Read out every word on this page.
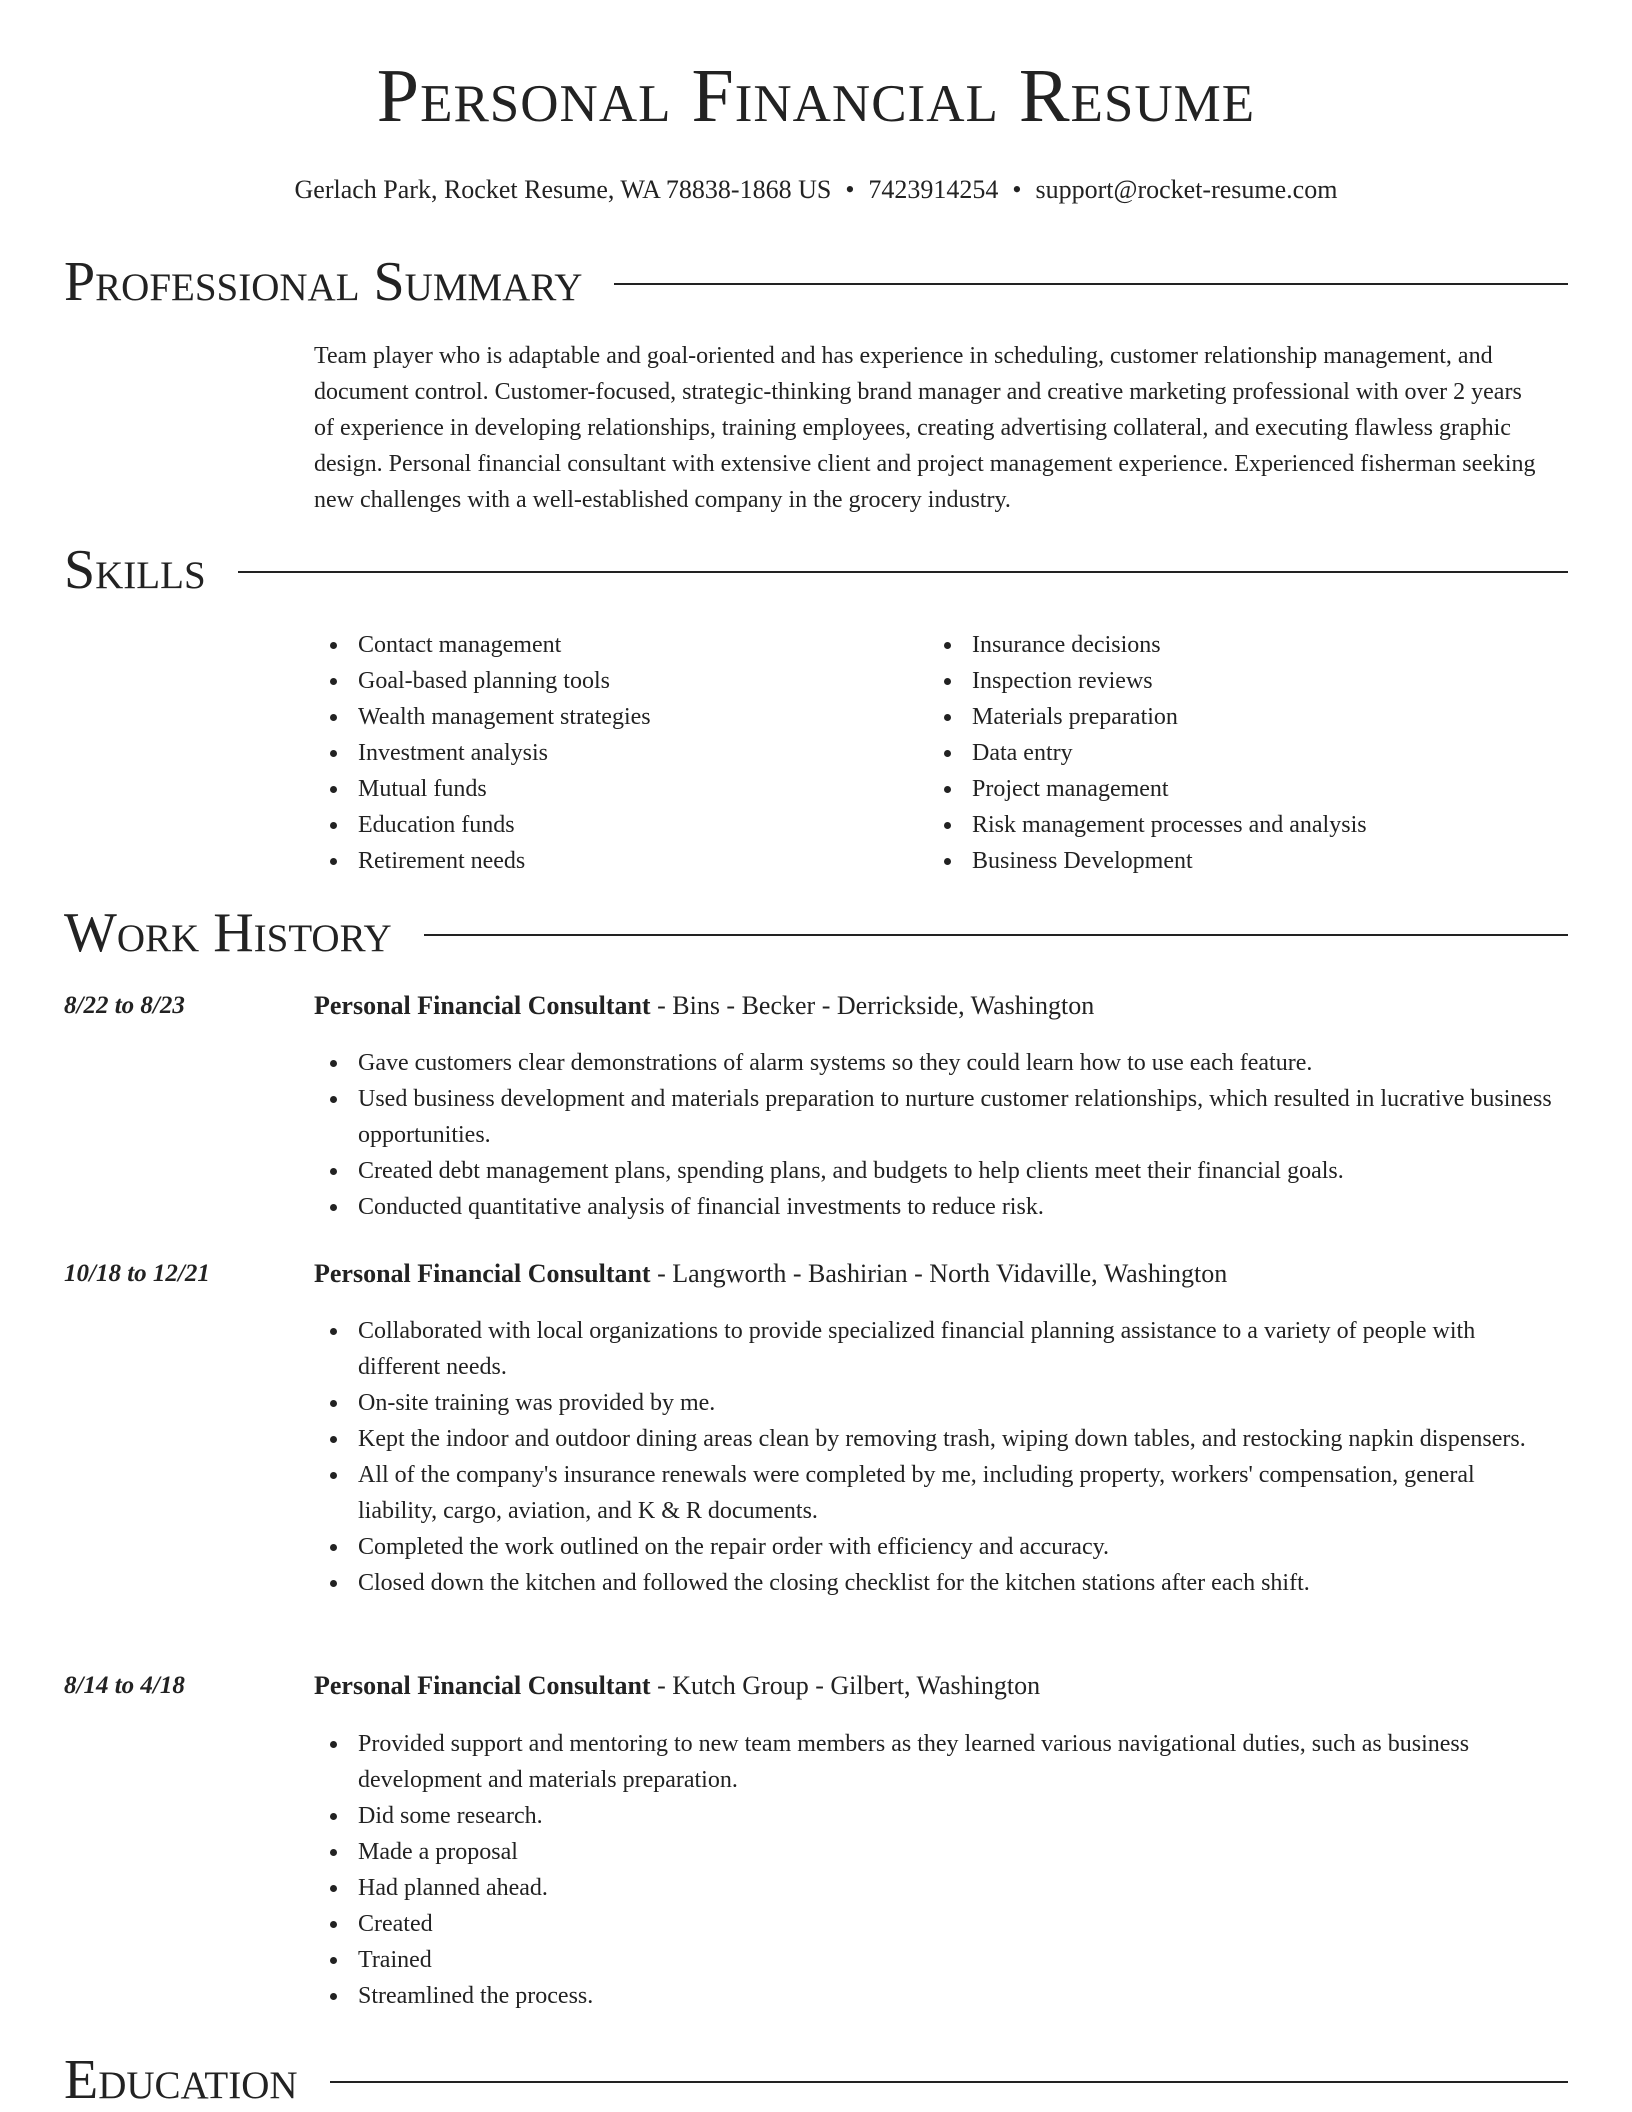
Personal Financial Resume
Gerlach Park, Rocket Resume, WA 78838-1868 US • 7423914254 • support@rocket-resume.com
Professional Summary
Team player who is adaptable and goal-oriented and has experience in scheduling, customer relationship management, and document control. Customer-focused, strategic-thinking brand manager and creative marketing professional with over 2 years of experience in developing relationships, training employees, creating advertising collateral, and executing flawless graphic design. Personal financial consultant with extensive client and project management experience. Experienced fisherman seeking new challenges with a well-established company in the grocery industry.
Skills
Contact management
Goal-based planning tools
Wealth management strategies
Investment analysis
Mutual funds
Education funds
Retirement needs
Insurance decisions
Inspection reviews
Materials preparation
Data entry
Project management
Risk management processes and analysis
Business Development
Work History
8/22 to 8/23	Personal Financial Consultant - Bins - Becker - Derrickside, Washington
Gave customers clear demonstrations of alarm systems so they could learn how to use each feature.
Used business development and materials preparation to nurture customer relationships, which resulted in lucrative business opportunities.
Created debt management plans, spending plans, and budgets to help clients meet their financial goals.
Conducted quantitative analysis of financial investments to reduce risk.
10/18 to 12/21	Personal Financial Consultant - Langworth - Bashirian - North Vidaville, Washington
Collaborated with local organizations to provide specialized financial planning assistance to a variety of people with different needs.
On-site training was provided by me.
Kept the indoor and outdoor dining areas clean by removing trash, wiping down tables, and restocking napkin dispensers.
All of the company's insurance renewals were completed by me, including property, workers' compensation, general liability, cargo, aviation, and K & R documents.
Completed the work outlined on the repair order with efficiency and accuracy.
Closed down the kitchen and followed the closing checklist for the kitchen stations after each shift.
8/14 to 4/18	Personal Financial Consultant - Kutch Group - Gilbert, Washington
Provided support and mentoring to new team members as they learned various navigational duties, such as business development and materials preparation.
Did some research.
Made a proposal
Had planned ahead.
Created
Trained
Streamlined the process.
Education
